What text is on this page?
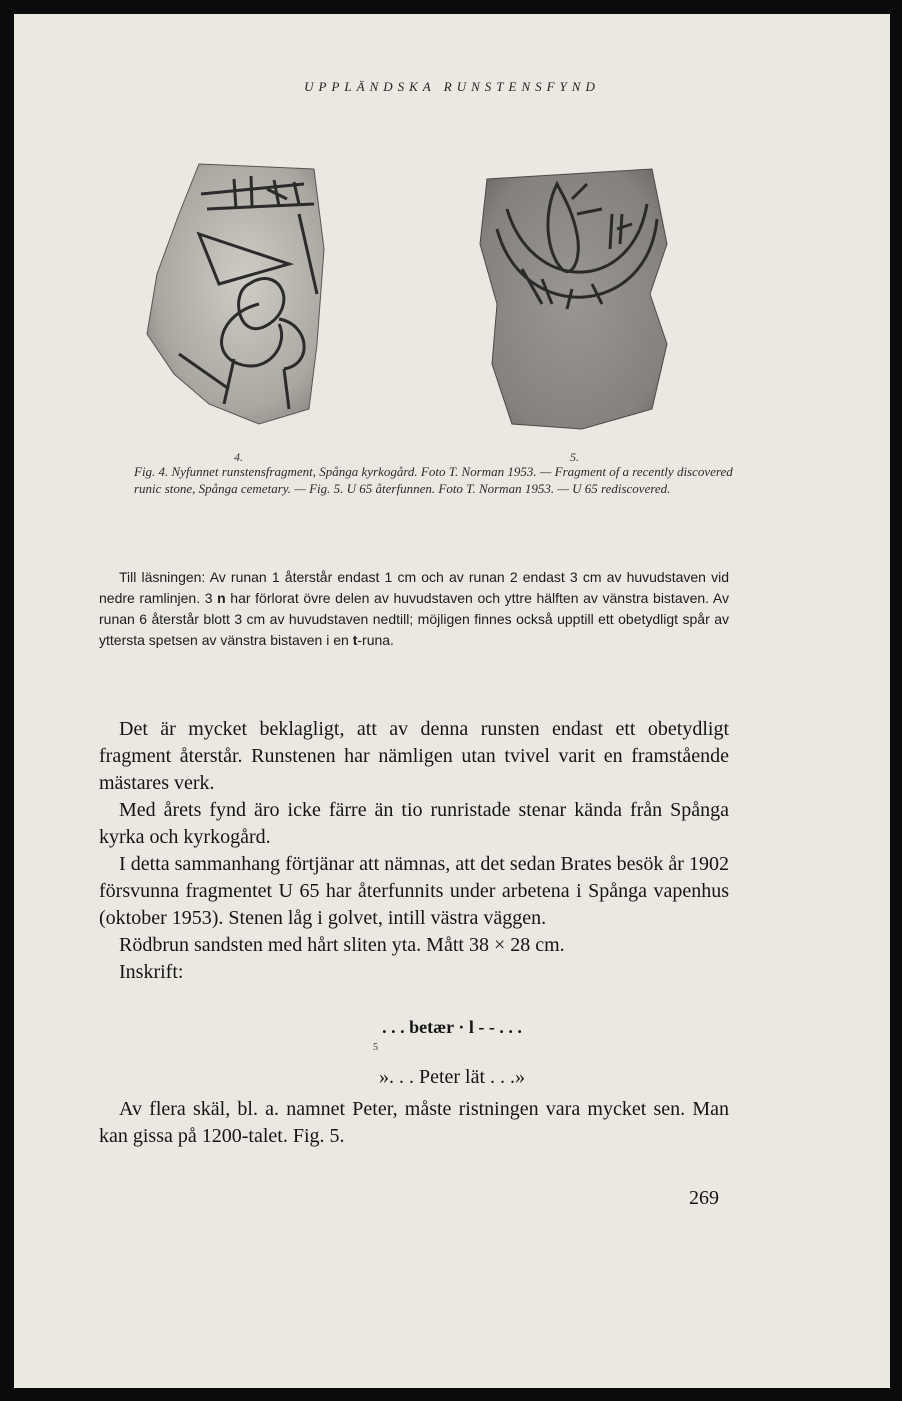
UPPLÄNDSKA RUNSTENSFYND
4.	5.
Fig. 4. Nyfunnet runstensfragment, Spånga kyrkogård. Foto T. Norman 1953. — Fragment of a recently discovered runic stone, Spånga cemetary. — Fig. 5. U 65 återfunnen. Foto T. Norman 1953. — U 65 rediscovered.

Till läsningen: Av runan 1 återstår endast 1 cm och av runan 2 endast 3 cm av huvudstaven vid nedre ramlinjen. 3 n har förlorat övre delen av huvudstaven och yttre hälften av vänstra bistaven. Av runan 6 återstår blott 3 cm av huvudstaven nedtill; möjligen finnes också upptill ett obetydligt spår av yttersta spetsen av vänstra bistaven i en t-runa.

Det är mycket beklagligt, att av denna runsten endast ett obetydligt fragment återstår. Runstenen har nämligen utan tvivel varit en framstående mästares verk.

Med årets fynd äro icke färre än tio runristade stenar kända från Spånga kyrka och kyrkogård.

I detta sammanhang förtjänar att nämnas, att det sedan Brates besök år 1902 försvunna fragmentet U 65 har återfunnits under arbetena i Spånga vapenhus (oktober 1953). Stenen låg i golvet, intill västra väggen.

Rödbrun sandsten med hårt sliten yta. Mått 38 × 28 cm.

Inskrift:

. . . betær · l - - . . .
5
». . . Peter lät . . .»

Av flera skäl, bl. a. namnet Peter, måste ristningen vara mycket sen. Man kan gissa på 1200-talet. Fig. 5.

269
